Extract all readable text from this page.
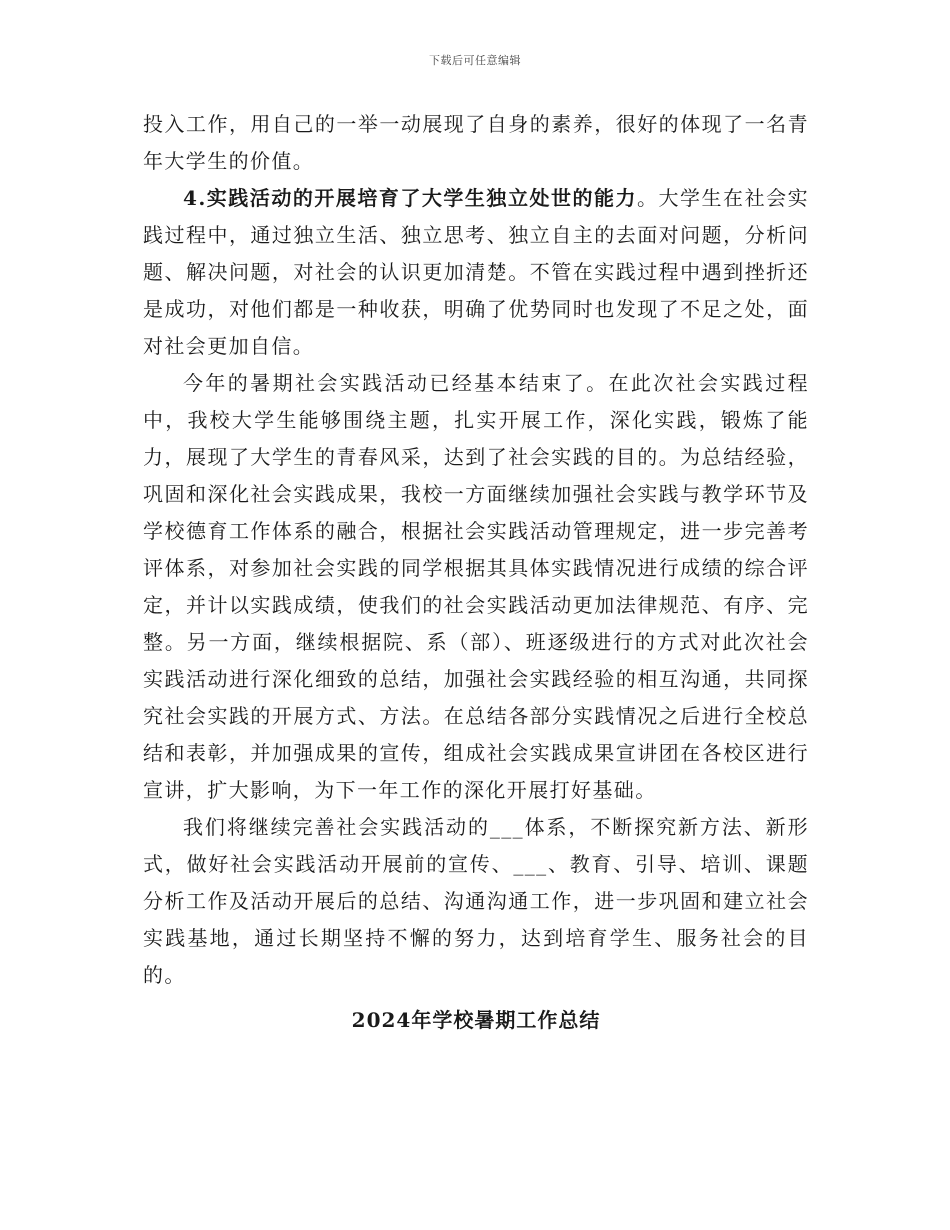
下载后可任意编辑

投入工作，用自己的一举一动展现了自身的素养，很好的体现了一名青年大学生的价值。

4.实践活动的开展培育了大学生独立处世的能力。大学生在社会实践过程中，通过独立生活、独立思考、独立自主的去面对问题，分析问题、解决问题，对社会的认识更加清楚。不管在实践过程中遇到挫折还是成功，对他们都是一种收获，明确了优势同时也发现了不足之处，面对社会更加自信。

今年的暑期社会实践活动已经基本结束了。在此次社会实践过程中，我校大学生能够围绕主题，扎实开展工作，深化实践，锻炼了能力，展现了大学生的青春风采，达到了社会实践的目的。为总结经验，巩固和深化社会实践成果，我校一方面继续加强社会实践与教学环节及学校德育工作体系的融合，根据社会实践活动管理规定，进一步完善考评体系，对参加社会实践的同学根据其具体实践情况进行成绩的综合评定，并计以实践成绩，使我们的社会实践活动更加法律规范、有序、完整。另一方面，继续根据院、系（部）、班逐级进行的方式对此次社会实践活动进行深化细致的总结，加强社会实践经验的相互沟通，共同探究社会实践的开展方式、方法。在总结各部分实践情况之后进行全校总结和表彰，并加强成果的宣传，组成社会实践成果宣讲团在各校区进行宣讲，扩大影响，为下一年工作的深化开展打好基础。

我们将继续完善社会实践活动的___体系，不断探究新方法、新形式，做好社会实践活动开展前的宣传、___、教育、引导、培训、课题分析工作及活动开展后的总结、沟通沟通工作，进一步巩固和建立社会实践基地，通过长期坚持不懈的努力，达到培育学生、服务社会的目的。

2024年学校暑期工作总结
